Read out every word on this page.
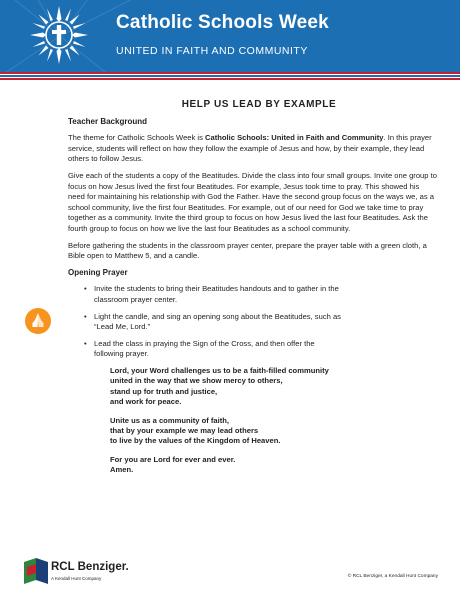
Catholic Schools Week
UNITED IN FAITH AND COMMUNITY
HELP US LEAD BY EXAMPLE
Teacher Background

The theme for Catholic Schools Week is Catholic Schools: United in Faith and Community. In this prayer service, students will reflect on how they follow the example of Jesus and how, by their example, they lead others to follow Jesus.

Give each of the students a copy of the Beatitudes. Divide the class into four small groups. Invite one group to focus on how Jesus lived the first four Beatitudes. For example, Jesus took time to pray. This showed his need for maintaining his relationship with God the Father. Have the second group focus on the ways we, as a school community, live the first four Beatitudes. For example, out of our need for God we take time to pray together as a community. Invite the third group to focus on how Jesus lived the last four Beatitudes. Ask the fourth group to focus on how we live the last four Beatitudes as a school community.

Before gathering the students in the classroom prayer center, prepare the prayer table with a green cloth, a Bible open to Matthew 5, and a candle.

Opening Prayer
• Invite the students to bring their Beatitudes handouts and to gather in the classroom prayer center.
• Light the candle, and sing an opening song about the Beatitudes, such as “Lead Me, Lord.”
• Lead the class in praying the Sign of the Cross, and then offer the following prayer.
Lord, your Word challenges us to be a faith-filled community
united in the way that we show mercy to others,
stand up for truth and justice,
and work for peace.
Unite us as a community of faith,
that by your example we may lead others
to live by the values of the Kingdom of Heaven.
For you are Lord for ever and ever.
Amen.
RCL Benziger.
A Kendall Hunt Company	© RCL Benziger, a Kendall Hunt Company
